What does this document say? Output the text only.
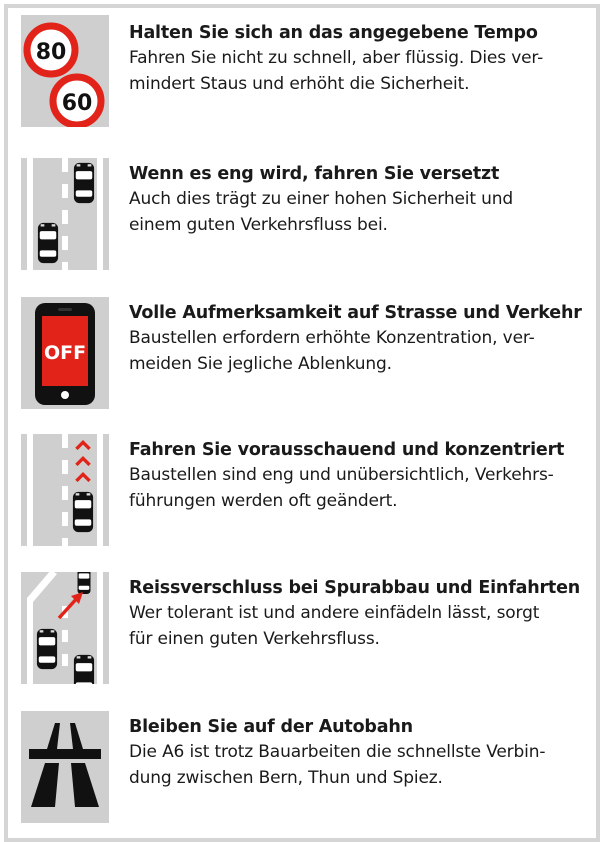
80
60
Halten Sie sich an das angegebene Tempo
Fahren Sie nicht zu schnell, aber flüssig. Dies ver-
mindert Staus und erhöht die Sicherheit.
Wenn es eng wird, fahren Sie versetzt
Auch dies trägt zu einer hohen Sicherheit und
einem guten Verkehrsfluss bei.
OFF
Volle Aufmerksamkeit auf Strasse und Verkehr
Baustellen erfordern erhöhte Konzentration, ver-
meiden Sie jegliche Ablenkung.
Fahren Sie vorausschauend und konzentriert
Baustellen sind eng und unübersichtlich, Verkehrs-
führungen werden oft geändert.
Reissverschluss bei Spurabbau und Einfahrten
Wer tolerant ist und andere einfädeln lässt, sorgt
für einen guten Verkehrsfluss.
Bleiben Sie auf der Autobahn
Die A6 ist trotz Bauarbeiten die schnellste Verbin-
dung zwischen Bern, Thun und Spiez.
